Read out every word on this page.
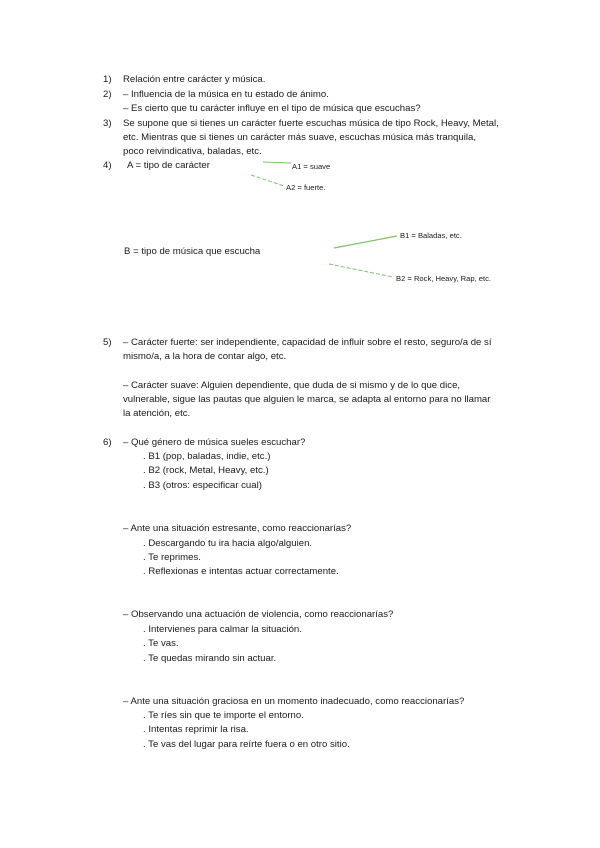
1)
2)
3)
4)
5)
6)
Relación entre carácter y música.
– Influencia de la música en tu estado de ánimo.
– Es cierto que tu carácter influye en el tipo de música que escuchas?
Se supone que si tienes un carácter fuerte escuchas música de tipo Rock, Heavy, Metal,
etc. Mientras que si tienes un carácter más suave, escuchas música más tranquila,
poco reivindicativa, baladas, etc.
A = tipo de carácter	A1 = suave
A2 = fuerte.
B = tipo de música que escucha
B1 = Baladas, etc.
B2 = Rock, Heavy, Rap, etc.
– Carácter fuerte: ser independiente, capacidad de influir sobre el resto, seguro/a de sí
mismo/a, a la hora de contar algo, etc.
– Carácter suave: Alguien dependiente, que duda de si mismo y de lo que dice,
vulnerable, sigue las pautas que alguien le marca, se adapta al entorno para no llamar
la atención, etc.
– Qué género de música sueles escuchar?
. B1 (pop, baladas, indie, etc.)
. B2 (rock, Metal, Heavy, etc.)
. B3 (otros: especificar cual)
– Ante una situación estresante, como reaccionarías?
. Descargando tu ira hacia algo/alguien.
. Te reprimes.
. Reflexionas e intentas actuar correctamente.
– Observando una actuación de violencia, como reaccionarías?
. Intervienes para calmar la situación.
. Te vas.
. Te quedas mirando sin actuar.
– Ante una situación graciosa en un momento inadecuado, como reaccionarías?
. Te ríes sin que te importe el entorno.
. Intentas reprimir la risa.
. Te vas del lugar para reírte fuera o en otro sitio.
